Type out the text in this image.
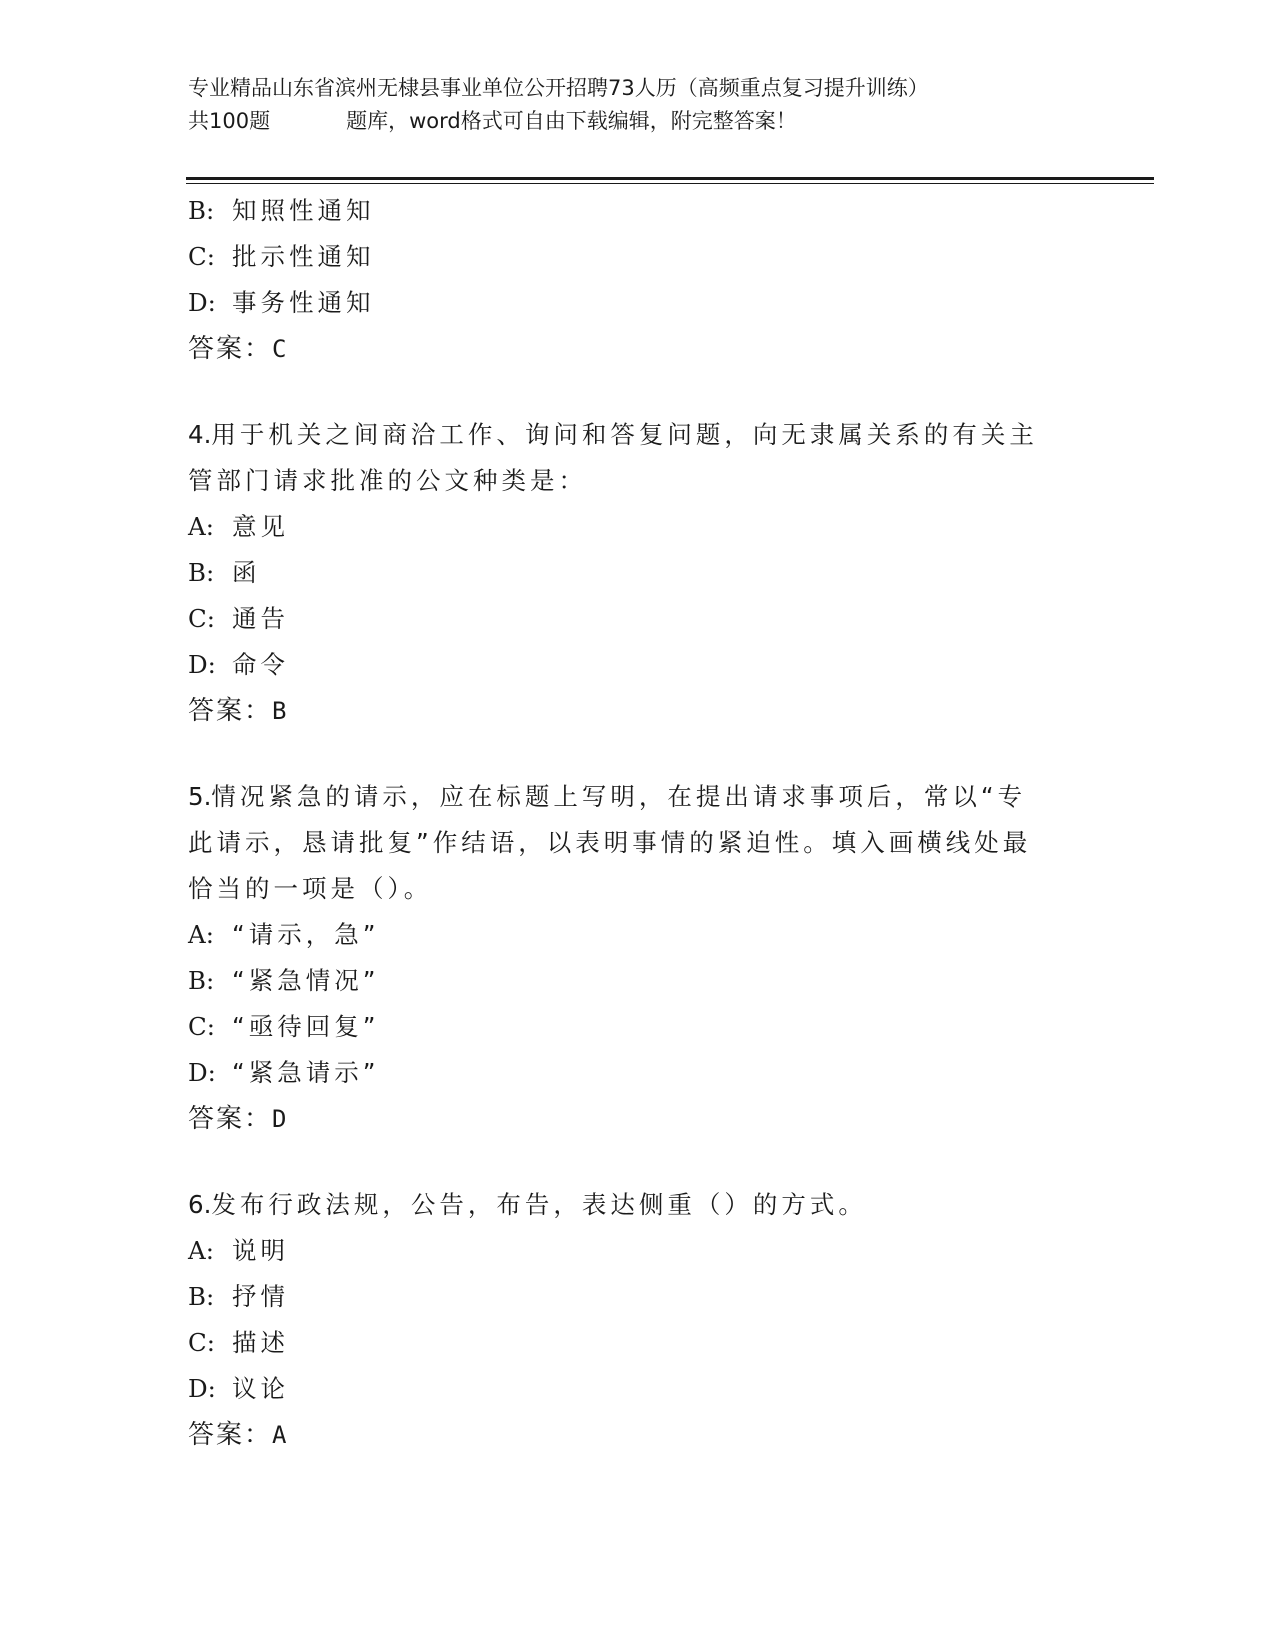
专业精品山东省滨州无棣县事业单位公开招聘73人历（高频重点复习提升训练）
共100题	题库，word格式可自由下载编辑，附完整答案！
B: 知照性通知
C: 批示性通知
D: 事务性通知
答案：C
4.用于机关之间商洽工作、询问和答复问题，向无隶属关系的有关主
管部门请求批准的公文种类是：
A: 意见
B: 函
C: 通告
D: 命令
答案：B
5.情况紧急的请示，应在标题上写明，在提出请求事项后，常以“专
此请示，恳请批复”作结语，以表明事情的紧迫性。填入画横线处最
恰当的一项是（）。
A: “请示，急”
B: “紧急情况”
C: “亟待回复”
D: “紧急请示”
答案：D
6.发布行政法规，公告，布告，表达侧重（）的方式。
A: 说明
B: 抒情
C: 描述
D: 议论
答案：A
